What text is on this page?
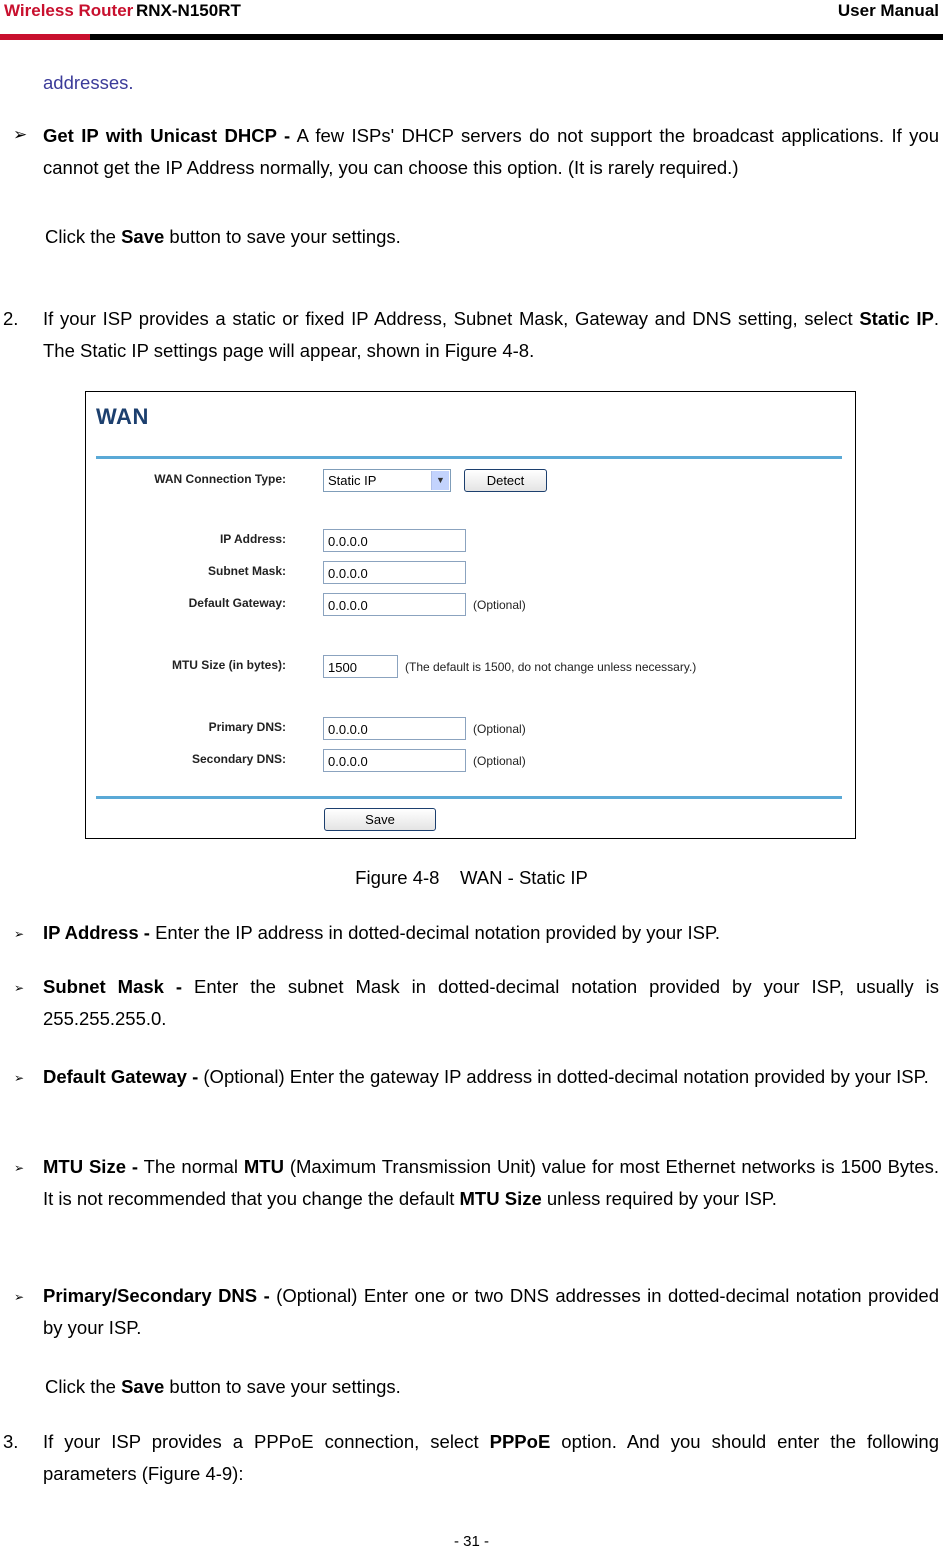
Wireless Router RNX-N150RT	User Manual
addresses.
➢ Get IP with Unicast DHCP - A few ISPs' DHCP servers do not support the broadcast applications. If you cannot get the IP Address normally, you can choose this option. (It is rarely required.)
Click the Save button to save your settings.
2. If your ISP provides a static or fixed IP Address, Subnet Mask, Gateway and DNS setting, select Static IP. The Static IP settings page will appear, shown in Figure 4-8.
WAN
WAN Connection Type:	Static IP	▼	Detect
IP Address:	0.0.0.0
Subnet Mask:	0.0.0.0
Default Gateway:	0.0.0.0	(Optional)
MTU Size (in bytes):	1500	(The default is 1500, do not change unless necessary.)
Primary DNS:	0.0.0.0	(Optional)
Secondary DNS:	0.0.0.0	(Optional)
Save
Figure 4-8    WAN - Static IP
➢ IP Address - Enter the IP address in dotted-decimal notation provided by your ISP.
➢ Subnet Mask - Enter the subnet Mask in dotted-decimal notation provided by your ISP, usually is 255.255.255.0.
➢ Default Gateway - (Optional) Enter the gateway IP address in dotted-decimal notation provided by your ISP.
➢ MTU Size - The normal MTU (Maximum Transmission Unit) value for most Ethernet networks is 1500 Bytes. It is not recommended that you change the default MTU Size unless required by your ISP.
➢ Primary/Secondary DNS - (Optional) Enter one or two DNS addresses in dotted-decimal notation provided by your ISP.
Click the Save button to save your settings.
3. If your ISP provides a PPPoE connection, select PPPoE option. And you should enter the following parameters (Figure 4-9):
- 31 -
